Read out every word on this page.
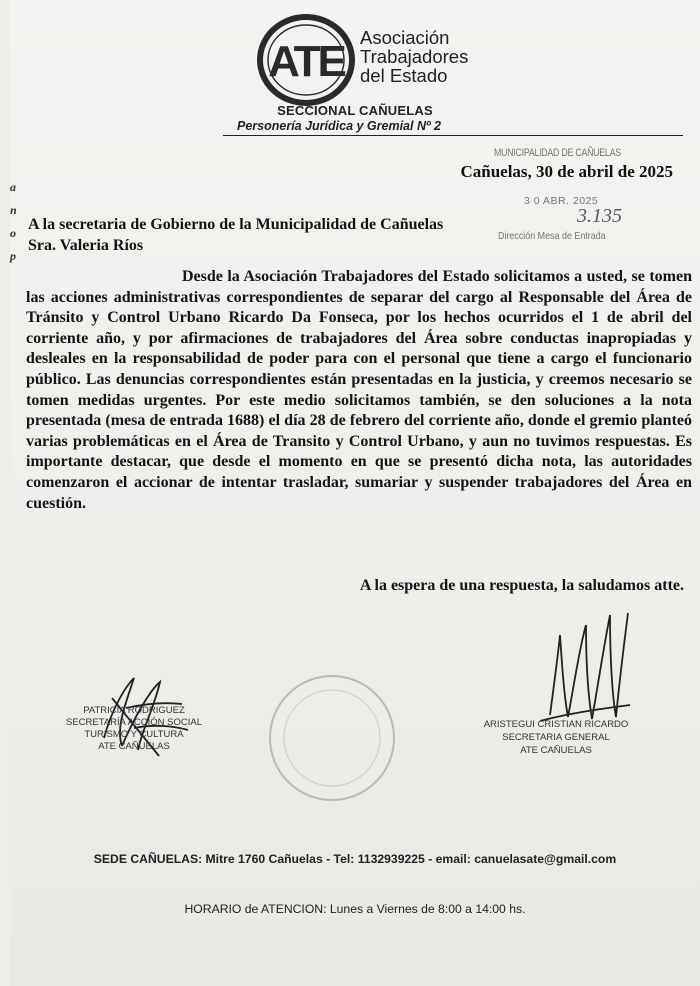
ɑ
n
o
p
ATE Asociación
Trabajadores
del Estado
SECCIONAL CAÑUELAS
Personería Jurídica y Gremial Nº 2
MUNICIPALIDAD DE CAÑUELAS
3 0 ABR. 2025
3.135
Dirección Mesa de Entrada
Cañuelas, 30 de abril de 2025
A la secretaria de Gobierno de la Municipalidad de Cañuelas
Sra. Valeria Ríos
Desde la Asociación Trabajadores del Estado solicitamos a usted, se tomen las acciones administrativas correspondientes de separar del cargo al Responsable del Área de Tránsito y Control Urbano Ricardo Da Fonseca, por los hechos ocurridos el 1 de abril del corriente año, y por afirmaciones de trabajadores del Área sobre conductas inapropiadas y desleales en la responsabilidad de poder para con el personal que tiene a cargo el funcionario público. Las denuncias correspondientes están presentadas en la justicia, y creemos necesario se tomen medidas urgentes. Por este medio solicitamos también, se den soluciones a la nota presentada (mesa de entrada 1688) el día 28 de febrero del corriente año, donde el gremio planteó varias problemáticas en el Área de Transito y Control Urbano, y aun no tuvimos respuestas. Es importante destacar, que desde el momento en que se presentó dicha nota, las autoridades comenzaron el accionar de intentar trasladar, sumariar y suspender trabajadores del Área en cuestión.
A la espera de una respuesta, la saludamos atte.
PATRICIA RODRIGUEZ
SECRETARÍA ACCIÓN SOCIAL
TURISMO Y CULTURA
ATE CAÑUELAS
ARISTEGUI CRISTIAN RICARDO
SECRETARIA GENERAL
ATE CAÑUELAS
SEDE CAÑUELAS: Mitre 1760 Cañuelas - Tel: 1132939225 - email: canuelasate@gmail.com
HORARIO de ATENCION: Lunes a Viernes de 8:00 a 14:00 hs.
